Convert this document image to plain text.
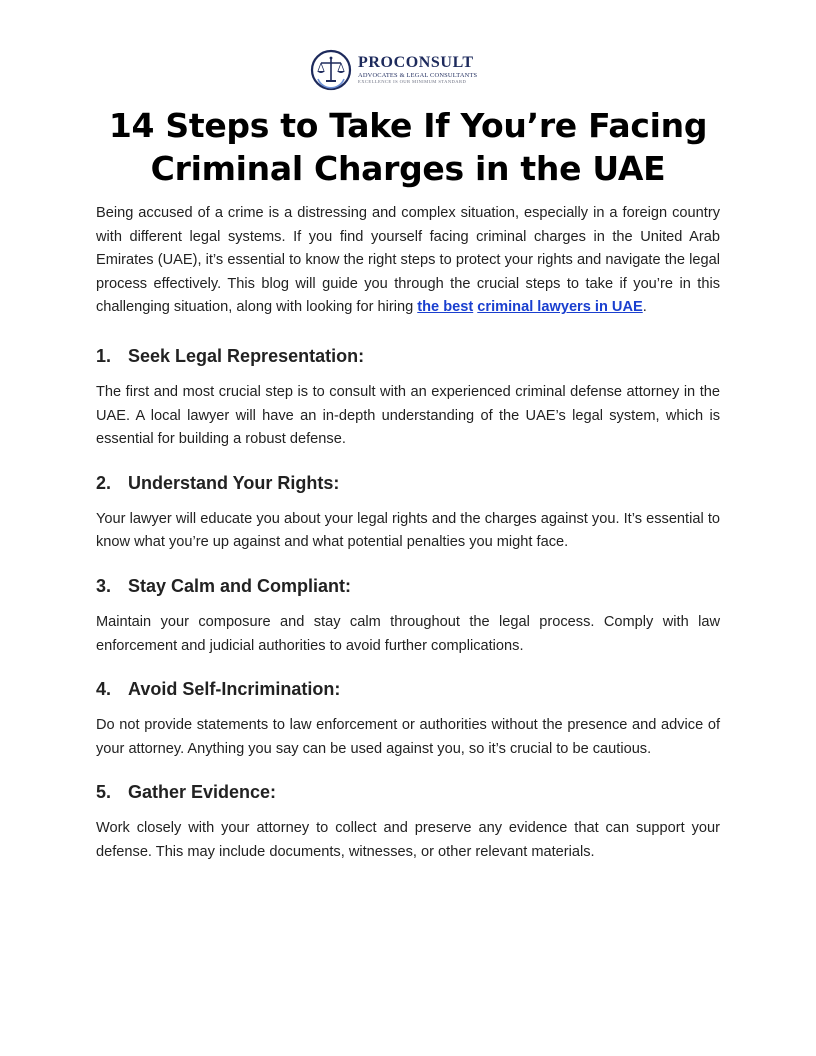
PROCONSULT
ADVOCATES & LEGAL CONSULTANTS
EXCELLENCE IS OUR MINIMUM STANDARD
14 Steps to Take If You’re Facing
Criminal Charges in the UAE

Being accused of a crime is a distressing and complex situation, especially in a foreign country with different legal systems. If you find yourself facing criminal charges in the United Arab Emirates (UAE), it’s essential to know the right steps to protect your rights and navigate the legal process effectively. This blog will guide you through the crucial steps to take if you’re in this challenging situation, along with looking for hiring the best criminal lawyers in UAE.

1. Seek Legal Representation:

The first and most crucial step is to consult with an experienced criminal defense attorney in the UAE. A local lawyer will have an in-depth understanding of the UAE’s legal system, which is essential for building a robust defense.

2. Understand Your Rights:

Your lawyer will educate you about your legal rights and the charges against you. It’s essential to know what you’re up against and what potential penalties you might face.

3. Stay Calm and Compliant:

Maintain your composure and stay calm throughout the legal process. Comply with law enforcement and judicial authorities to avoid further complications.

4. Avoid Self-Incrimination:

Do not provide statements to law enforcement or authorities without the presence and advice of your attorney. Anything you say can be used against you, so it’s crucial to be cautious.

5. Gather Evidence:

Work closely with your attorney to collect and preserve any evidence that can support your defense. This may include documents, witnesses, or other relevant materials.
